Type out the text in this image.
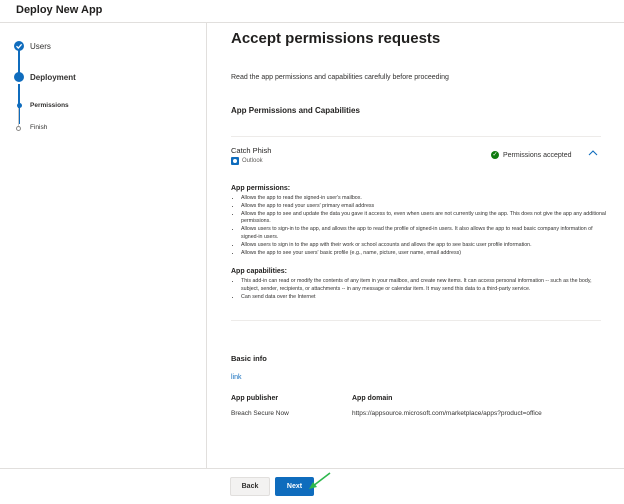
Deploy New App
Users
Deployment
Permissions
Finish
Accept permissions requests
Read the app permissions and capabilities carefully before proceeding
App Permissions and Capabilities
Catch Phish
Outlook
✓ Permissions accepted
App permissions:
• Allows the app to read the signed-in user's mailbox.
• Allows the app to read your users' primary email address
• Allows the app to see and update the data you gave it access to, even when users are not currently using the app. This does not give the app any additional permissions.
• Allows users to sign-in to the app, and allows the app to read the profile of signed-in users. It also allows the app to read basic company information of signed-in users.
• Allows users to sign in to the app with their work or school accounts and allows the app to see basic user profile information.
• Allows the app to see your users' basic profile (e.g., name, picture, user name, email address)
App capabilities:
• This add-in can read or modify the contents of any item in your mailbox, and create new items. It can access personal information -- such as the body, subject, sender, recipients, or attachments -- in any message or calendar item. It may send this data to a third-party service.
• Can send data over the Internet
Basic info
link
App publisher
Breach Secure Now
App domain
https://appsource.microsoft.com/marketplace/apps?product=office
Back	Next
